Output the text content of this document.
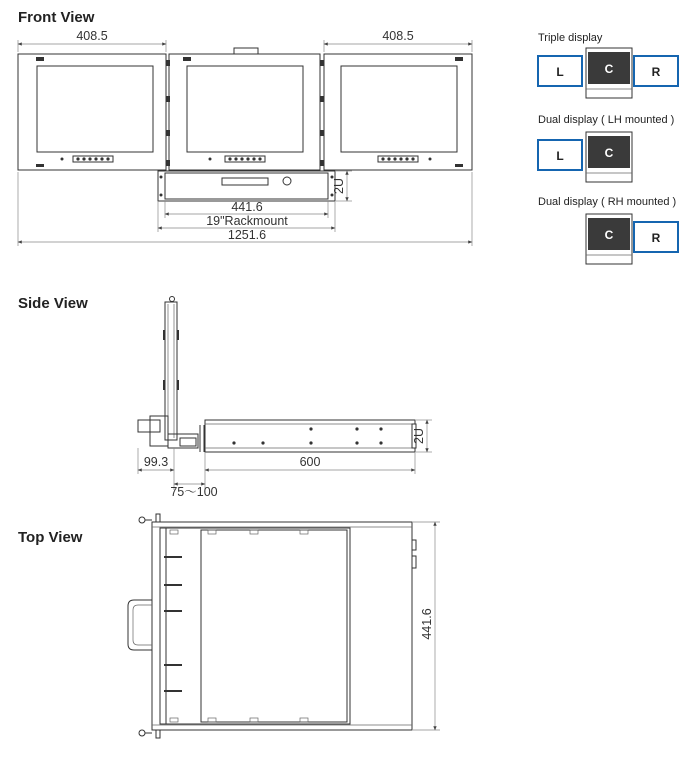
Front View
408.5	408.5
2U
441.6
19"Rackmount
1251.6
Triple display
L	C	R
Dual display ( LH mounted )
L	C
Dual display ( RH mounted )
C	R
Side View
2U
99.3	600
75～100
Top View
441.6
